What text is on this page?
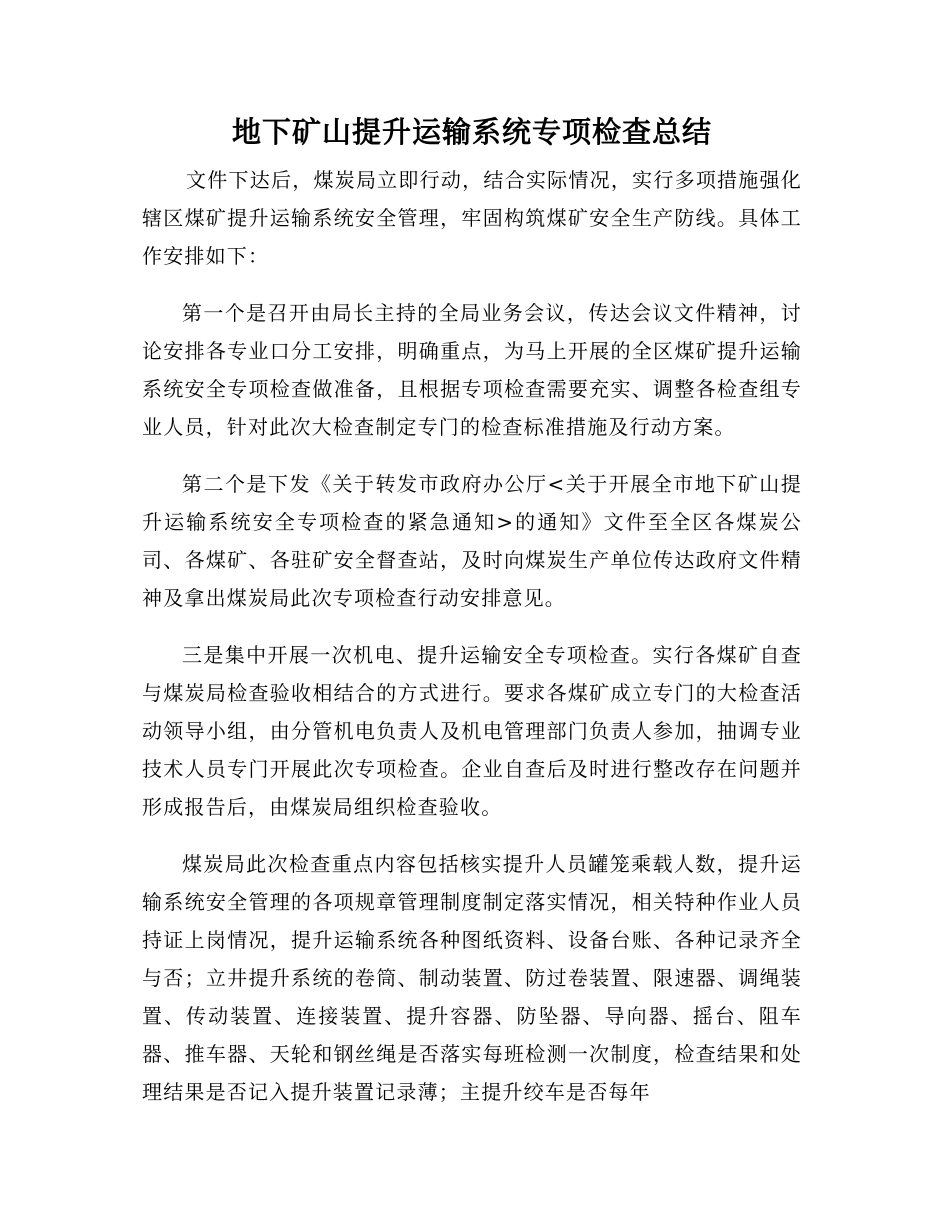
地下矿山提升运输系统专项检查总结

文件下达后，煤炭局立即行动，结合实际情况，实行多项措施强化辖区煤矿提升运输系统安全管理，牢固构筑煤矿安全生产防线。具体工作安排如下：

第一个是召开由局长主持的全局业务会议，传达会议文件精神，讨论安排各专业口分工安排，明确重点，为马上开展的全区煤矿提升运输系统安全专项检查做准备，且根据专项检查需要充实、调整各检查组专业人员，针对此次大检查制定专门的检查标准措施及行动方案。

第二个是下发《关于转发市政府办公厅<关于开展全市地下矿山提升运输系统安全专项检查的紧急通知>的通知》文件至全区各煤炭公司、各煤矿、各驻矿安全督查站，及时向煤炭生产单位传达政府文件精神及拿出煤炭局此次专项检查行动安排意见。

三是集中开展一次机电、提升运输安全专项检查。实行各煤矿自查与煤炭局检查验收相结合的方式进行。要求各煤矿成立专门的大检查活动领导小组，由分管机电负责人及机电管理部门负责人参加，抽调专业技术人员专门开展此次专项检查。企业自查后及时进行整改存在问题并形成报告后，由煤炭局组织检查验收。

煤炭局此次检查重点内容包括核实提升人员罐笼乘载人数，提升运输系统安全管理的各项规章管理制度制定落实情况，相关特种作业人员持证上岗情况，提升运输系统各种图纸资料、设备台账、各种记录齐全与否；立井提升系统的卷筒、制动装置、防过卷装置、限速器、调绳装置、传动装置、连接装置、提升容器、防坠器、导向器、摇台、阻车器、推车器、天轮和钢丝绳是否落实每班检测一次制度，检查结果和处理结果是否记入提升装置记录薄；主提升绞车是否每年
